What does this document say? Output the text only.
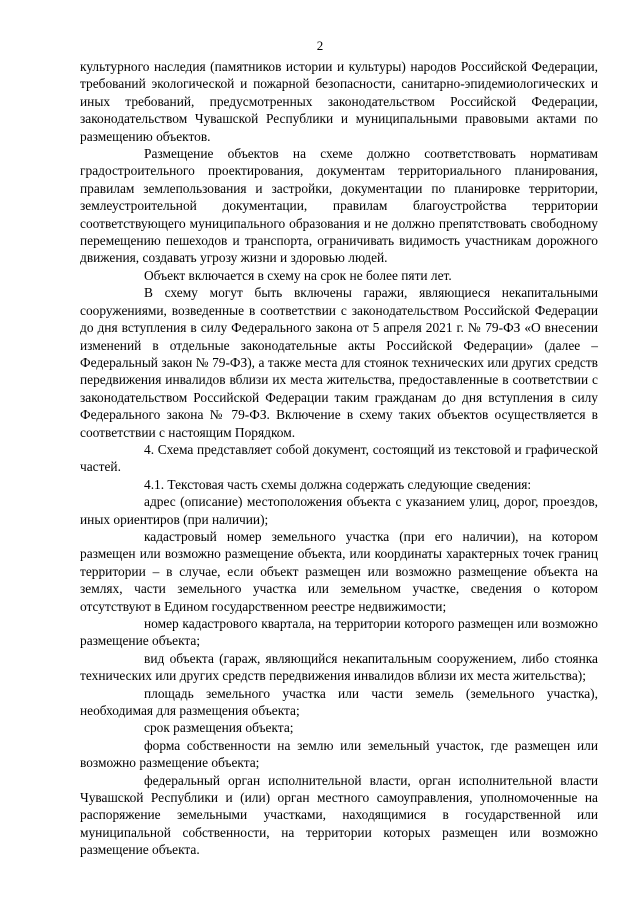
2

культурного наследия (памятников истории и культуры) народов Российской Федерации, требований экологической и пожарной безопасности, санитарно-эпидемиологических и иных требований, предусмотренных законодательством Российской Федерации, законодательством Чувашской Республики и муниципальными правовыми актами по размещению объектов.

Размещение объектов на схеме должно соответствовать нормативам градостроительного проектирования, документам территориального планирования, правилам землепользования и застройки, документации по планировке территории, землеустроительной документации, правилам благоустройства территории соответствующего муниципального образования и не должно препятствовать свободному перемещению пешеходов и транспорта, ограничивать видимость участникам дорожного движения, создавать угрозу жизни и здоровью людей.

Объект включается в схему на срок не более пяти лет.

В схему могут быть включены гаражи, являющиеся некапитальными сооружениями, возведенные в соответствии с законодательством Российской Федерации до дня вступления в силу Федерального закона от 5 апреля 2021 г. № 79-ФЗ «О внесении изменений в отдельные законодательные акты Российской Федерации» (далее – Федеральный закон № 79-ФЗ), а также места для стоянок технических или других средств передвижения инвалидов вблизи их места жительства, предоставленные в соответствии с законодательством Российской Федерации таким гражданам до дня вступления в силу Федерального закона № 79-ФЗ. Включение в схему таких объектов осуществляется в соответствии с настоящим Порядком.

4. Схема представляет собой документ, состоящий из текстовой и графической частей.

4.1. Текстовая часть схемы должна содержать следующие сведения:

адрес (описание) местоположения объекта с указанием улиц, дорог, проездов, иных ориентиров (при наличии);

кадастровый номер земельного участка (при его наличии), на котором размещен или возможно размещение объекта, или координаты характерных точек границ территории – в случае, если объект размещен или возможно размещение объекта на землях, части земельного участка или земельном участке, сведения о котором отсутствуют в Едином государственном реестре недвижимости;

номер кадастрового квартала, на территории которого размещен или возможно размещение объекта;

вид объекта (гараж, являющийся некапитальным сооружением, либо стоянка технических или других средств передвижения инвалидов вблизи их места жительства);

площадь земельного участка или части земель (земельного участка), необходимая для размещения объекта;

срок размещения объекта;

форма собственности на землю или земельный участок, где размещен или возможно размещение объекта;

федеральный орган исполнительной власти, орган исполнительной власти Чувашской Республики и (или) орган местного самоуправления, уполномоченные на распоряжение земельными участками, находящимися в государственной или муниципальной собственности, на территории которых размещен или возможно размещение объекта.
